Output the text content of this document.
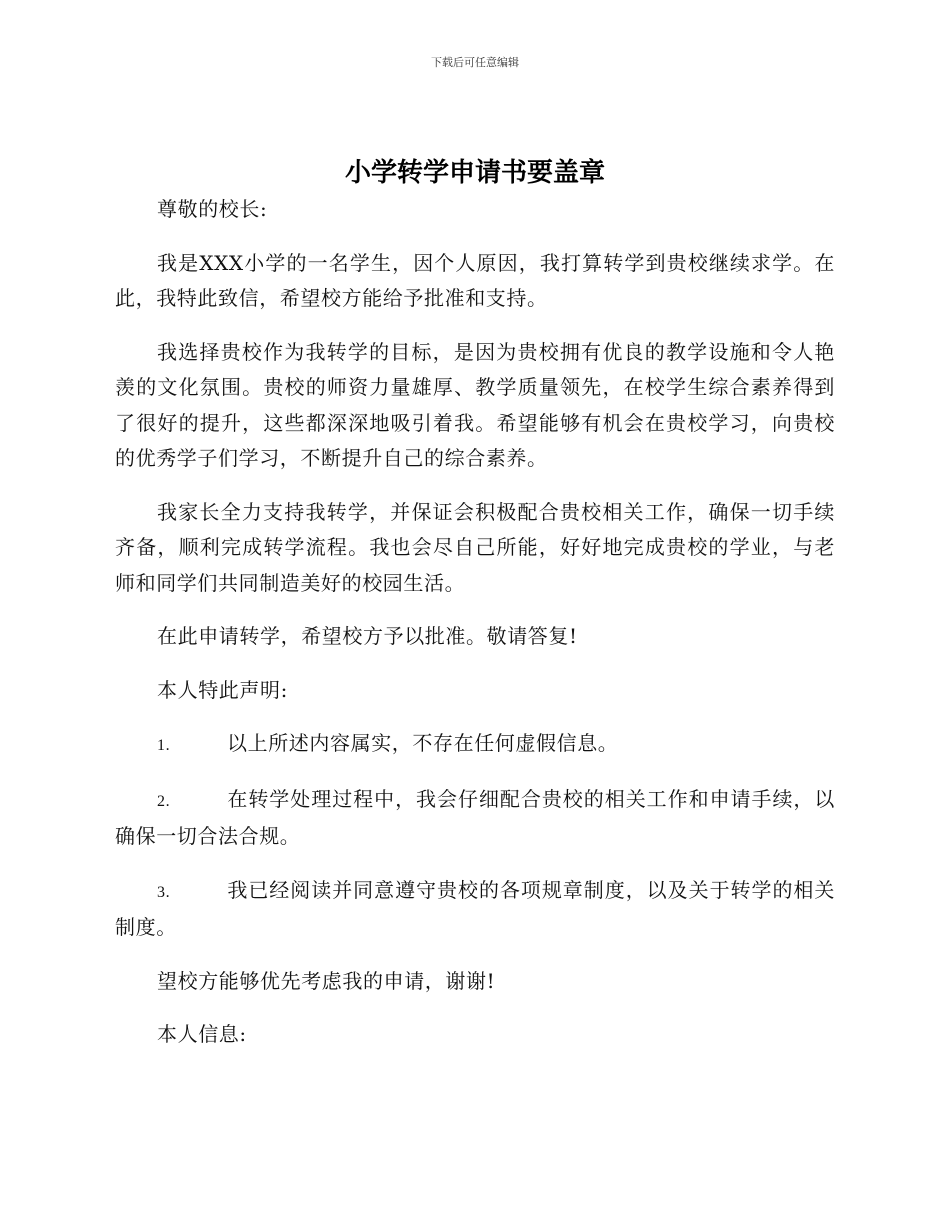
下载后可任意编辑
小学转学申请书要盖章

尊敬的校长:

我是XXX小学的一名学生，因个人原因，我打算转学到贵校继续求学。在此，我特此致信，希望校方能给予批准和支持。

我选择贵校作为我转学的目标，是因为贵校拥有优良的教学设施和令人艳羡的文化氛围。贵校的师资力量雄厚、教学质量领先，在校学生综合素养得到了很好的提升，这些都深深地吸引着我。希望能够有机会在贵校学习，向贵校的优秀学子们学习，不断提升自己的综合素养。

我家长全力支持我转学，并保证会积极配合贵校相关工作，确保一切手续齐备，顺利完成转学流程。我也会尽自己所能，好好地完成贵校的学业，与老师和同学们共同制造美好的校园生活。

在此申请转学，希望校方予以批准。敬请答复!

本人特此声明:

1.	以上所述内容属实，不存在任何虚假信息。

2.	在转学处理过程中，我会仔细配合贵校的相关工作和申请手续，以确保一切合法合规。

3.	我已经阅读并同意遵守贵校的各项规章制度，以及关于转学的相关制度。

望校方能够优先考虑我的申请，谢谢!

本人信息:
